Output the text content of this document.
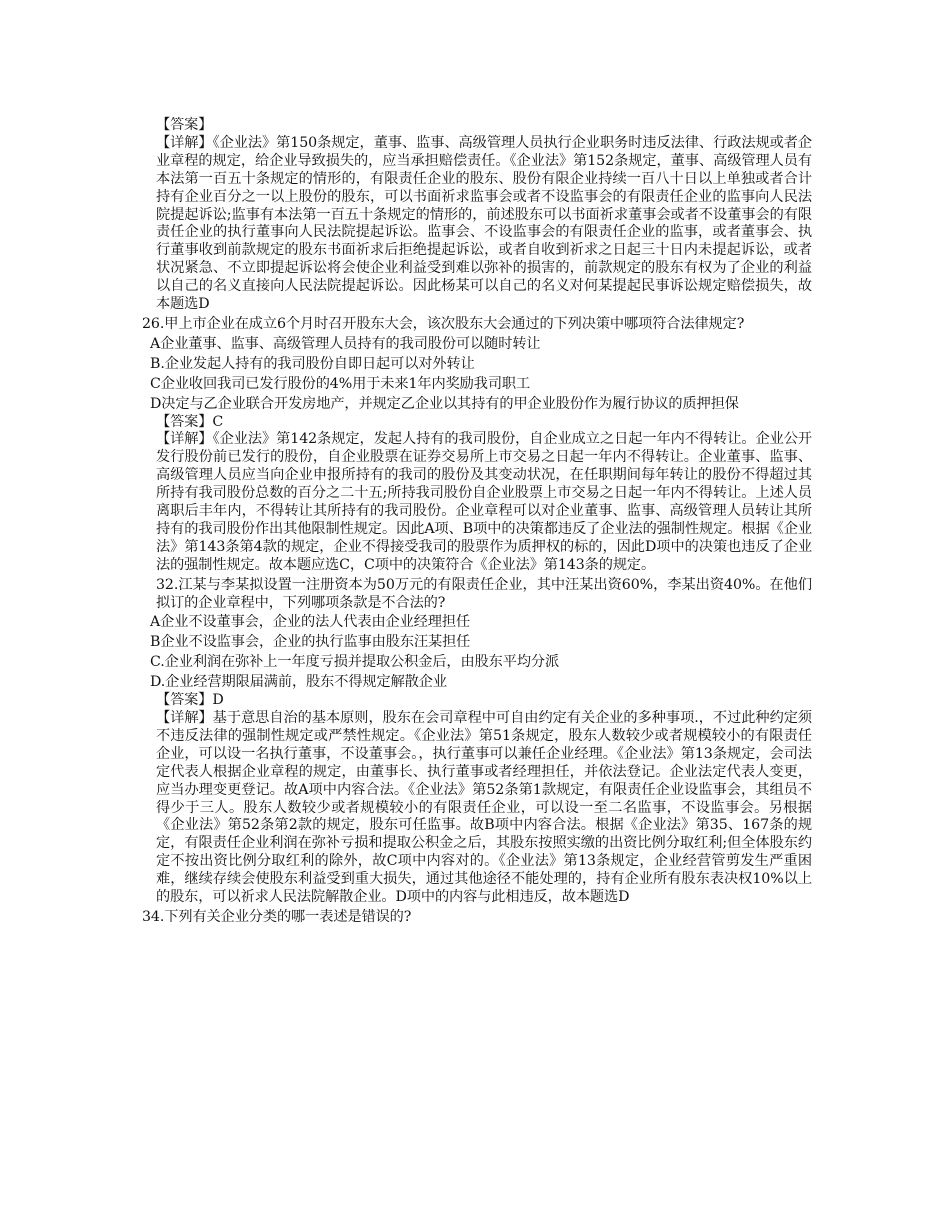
【答案】

【详解】《企业法》第150条规定，董事、监事、高级管理人员执行企业职务时违反法律、行政法规或者企业章程的规定，给企业导致损失的，应当承担赔偿责任。《企业法》第152条规定，董事、高级管理人员有本法第一百五十条规定的情形的，有限责任企业的股东、股份有限企业持续一百八十日以上单独或者合计持有企业百分之一以上股份的股东，可以书面祈求监事会或者不设监事会的有限责任企业的监事向人民法院提起诉讼;监事有本法第一百五十条规定的情形的，前述股东可以书面祈求董事会或者不设董事会的有限责任企业的执行董事向人民法院提起诉讼。监事会、不设监事会的有限责任企业的监事，或者董事会、执行董事收到前款规定的股东书面祈求后拒绝提起诉讼，或者自收到祈求之日起三十日内未提起诉讼，或者状况紧急、不立即提起诉讼将会使企业利益受到难以弥补的损害的，前款规定的股东有权为了企业的利益以自己的名义直接向人民法院提起诉讼。因此杨某可以自己的名义对何某提起民事诉讼规定赔偿损失，故本题选D

26.甲上市企业在成立6个月时召开股东大会，该次股东大会通过的下列决策中哪项符合法律规定?

A企业董事、监事、高级管理人员持有的我司股份可以随时转让

B.企业发起人持有的我司股份自即日起可以对外转让

C企业收回我司已发行股份的4%用于未来1年内奖励我司职工

D决定与乙企业联合开发房地产，并规定乙企业以其持有的甲企业股份作为履行协议的质押担保

【答案】C

【详解】《企业法》第142条规定，发起人持有的我司股份，自企业成立之日起一年内不得转让。企业公开发行股份前已发行的股份，自企业股票在证券交易所上市交易之日起一年内不得转让。企业董事、监事、高级管理人员应当向企业申报所持有的我司的股份及其变动状况，在任职期间每年转让的股份不得超过其所持有我司股份总数的百分之二十五;所持我司股份自企业股票上市交易之日起一年内不得转让。上述人员离职后丰年内，不得转让其所持有的我司股份。企业章程可以对企业董事、监事、高级管理人员转让其所持有的我司股份作出其他限制性规定。因此A项、B项中的决策都违反了企业法的强制性规定。根据《企业法》第143条第4款的规定，企业不得接受我司的股票作为质押权的标的，因此D项中的决策也违反了企业法的强制性规定。故本题应选C，C项中的决策符合《企业法》第143条的规定。

32.江某与李某拟设置一注册资本为50万元的有限责任企业，其中汪某出资60%，李某出资40%。在他们拟订的企业章程中，下列哪项条款是不合法的?

A企业不设董事会，企业的法人代表由企业经理担任

B企业不设监事会，企业的执行监事由股东汪某担任

C.企业利润在弥补上一年度亏损并提取公积金后，由股东平均分派

D.企业经营期限届满前，股东不得规定解散企业

【答案】D

【详解】基于意思自治的基本原则，股东在会司章程中可自由约定有关企业的多种事项.，不过此种约定须不违反法律的强制性规定或严禁性规定。《企业法》第51条规定，股东人数较少或者规模较小的有限责任企业，可以设一名执行董事，不设董事会。，执行董事可以兼任企业经理。《企业法》第13条规定，会司法定代表人根据企业章程的规定，由董事长、执行董事或者经理担任，并依法登记。企业法定代表人变更，应当办理变更登记。故A项中内容合法。《企业法》第52条第1款规定，有限责任企业设监事会，其组员不得少于三人。股东人数较少或者规模较小的有限责任企业，可以设一至二名监事，不设监事会。另根据《企业法》第52条第2款的规定，股东可任监事。故B项中内容合法。根据《企业法》第35、167条的规定，有限责任企业利润在弥补亏损和提取公积金之后，其股东按照实缴的出资比例分取红利;但全体股东约定不按出资比例分取红利的除外，故C项中内容对的。《企业法》第13条规定，企业经营管剪发生严重困难，继续存续会使股东利益受到重大损失，通过其他途径不能处理的，持有企业所有股东表决权10%以上的股东，可以祈求人民法院解散企业。D项中的内容与此相违反，故本题选D

34.下列有关企业分类的哪一表述是错误的?
